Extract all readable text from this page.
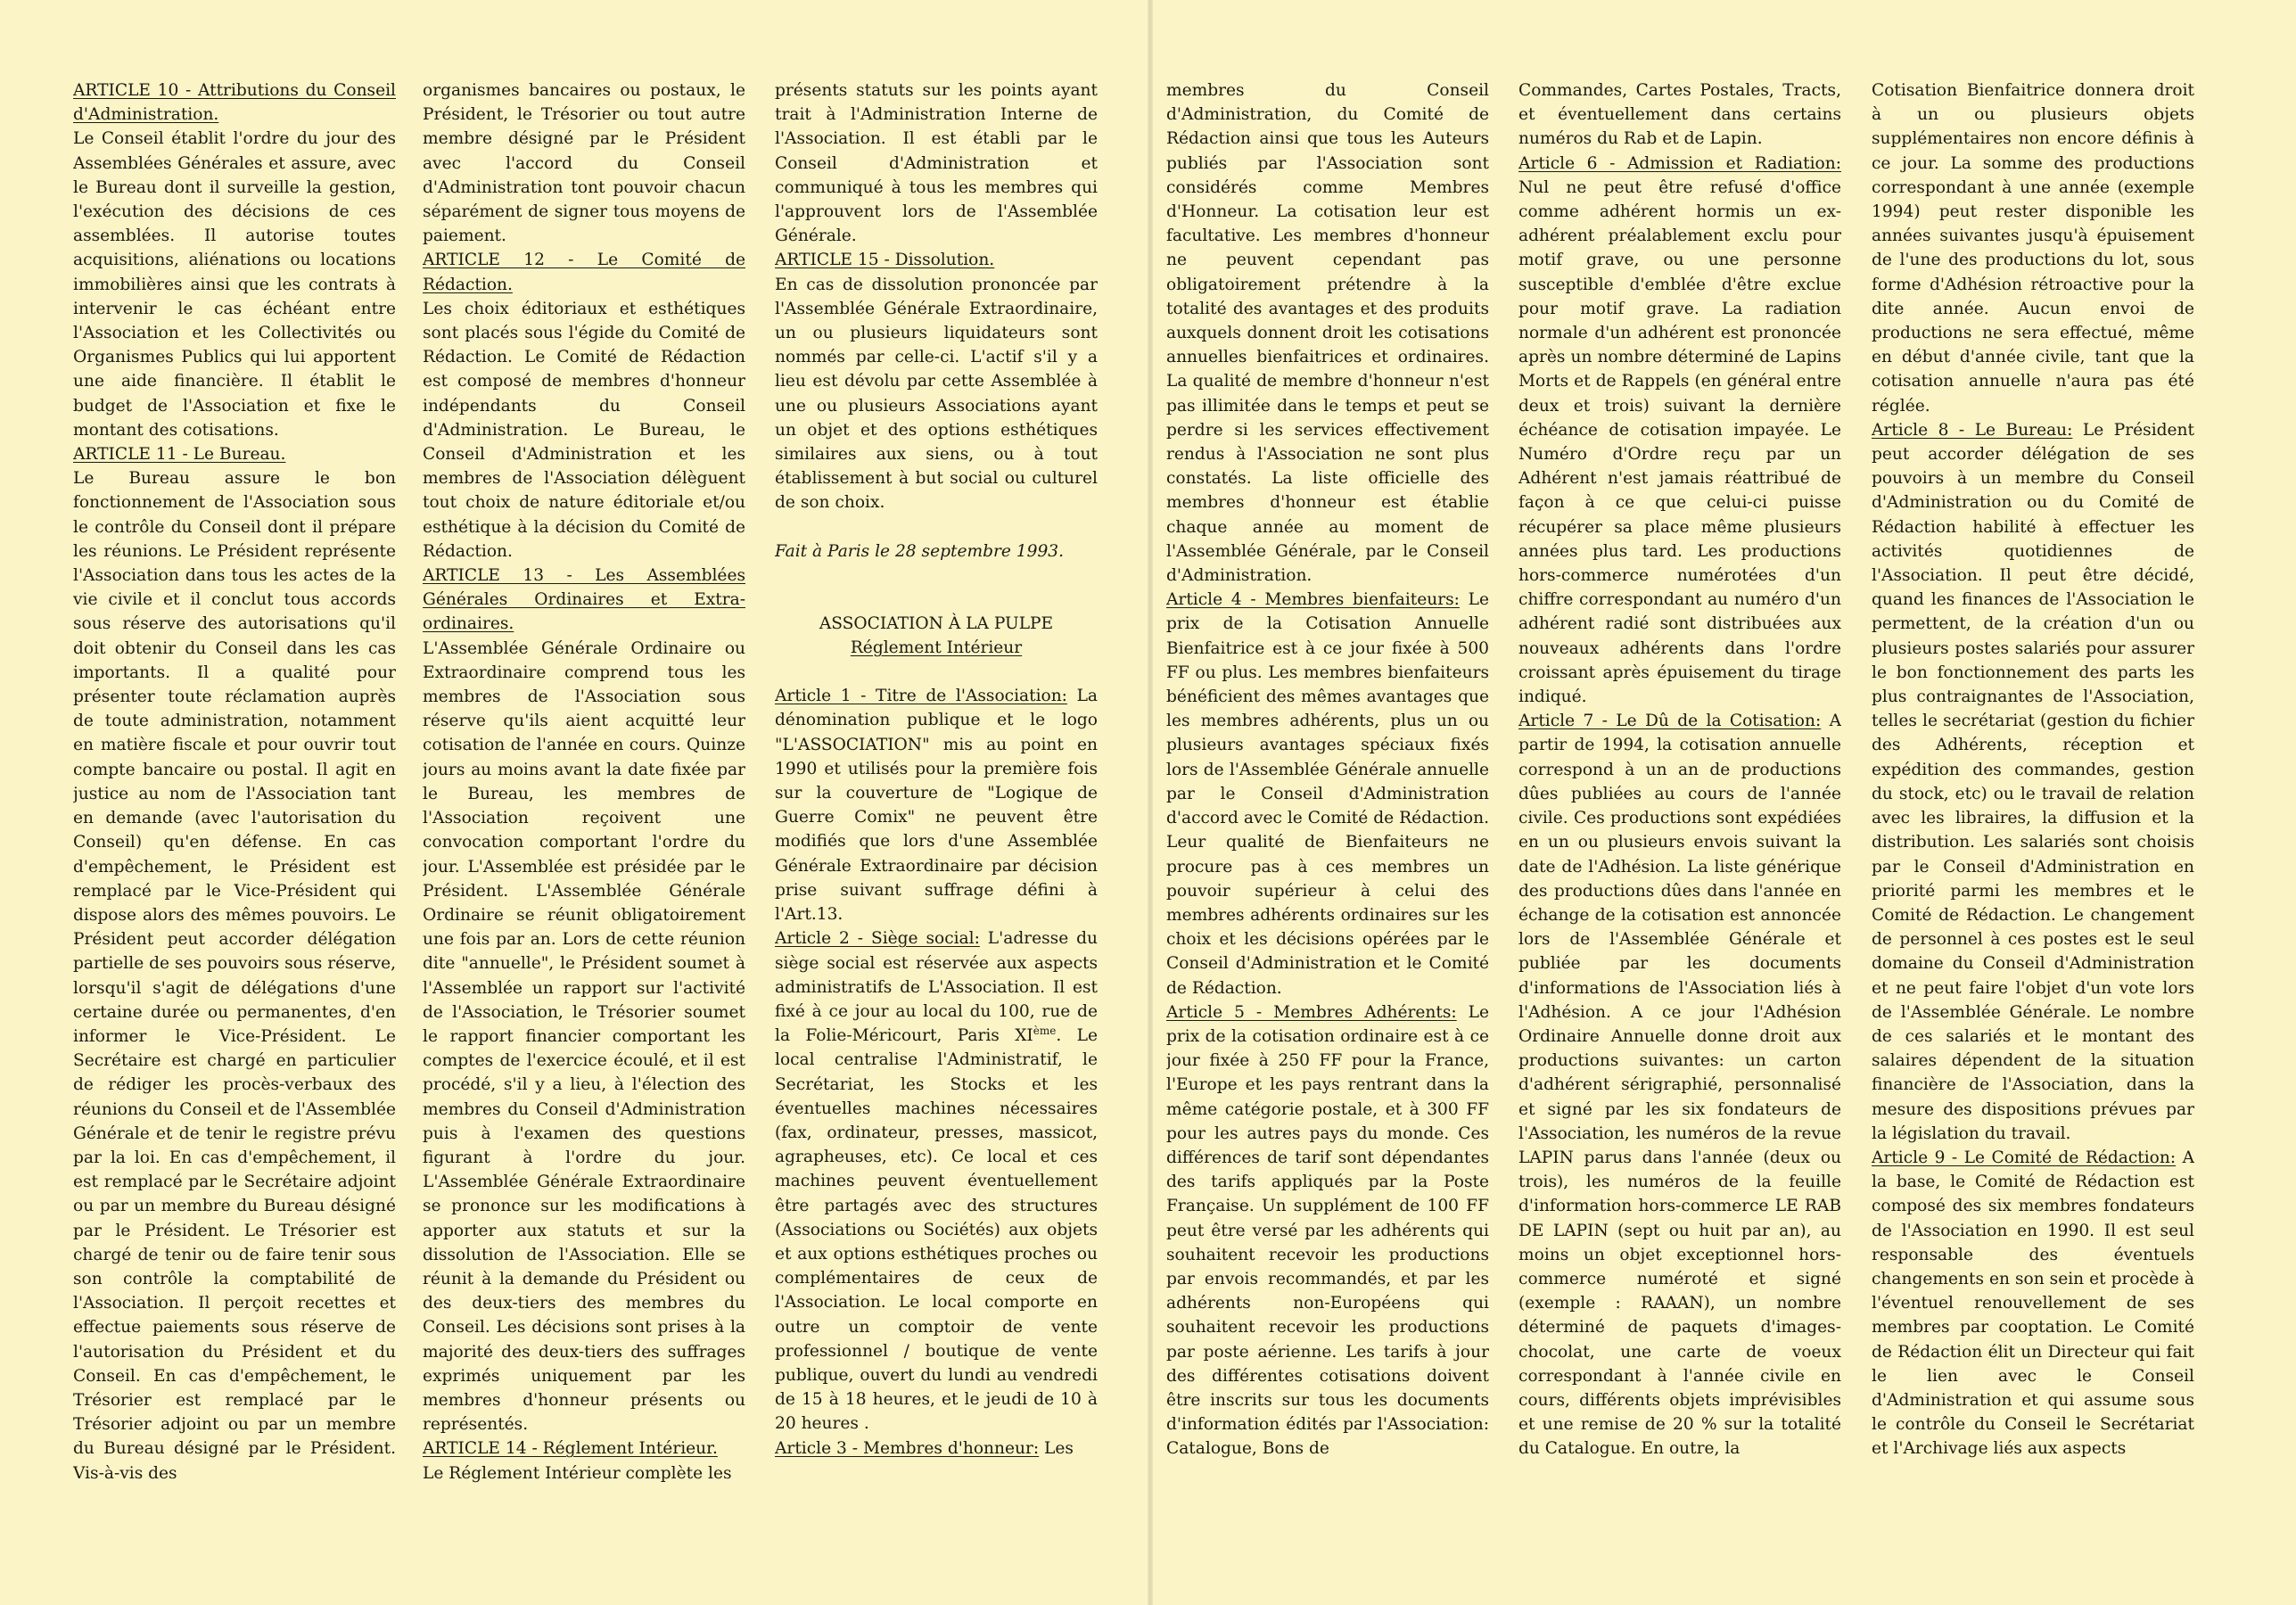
ARTICLE 10 - Attributions du Conseil d'Administration.

Le Conseil établit l'ordre du jour des Assemblées Générales et assure, avec le Bureau dont il surveille la gestion, l'exécution des décisions de ces assemblées. Il autorise toutes acquisitions, aliénations ou locations immobilières ainsi que les contrats à intervenir le cas échéant entre l'Association et les Collectivités ou Organismes Publics qui lui apportent une aide financière. Il établit le budget de l'Association et fixe le montant des cotisations.

ARTICLE 11 - Le Bureau.

Le Bureau assure le bon fonctionnement de l'Association sous le contrôle du Conseil dont il prépare les réunions. Le Président représente l'Association dans tous les actes de la vie civile et il conclut tous accords sous réserve des autorisations qu'il doit obtenir du Conseil dans les cas importants. Il a qualité pour présenter toute réclamation auprès de toute administration, notamment en matière fiscale et pour ouvrir tout compte bancaire ou postal. Il agit en justice au nom de l'Association tant en demande (avec l'autorisation du Conseil) qu'en défense. En cas d'empêchement, le Président est remplacé par le Vice-Président qui dispose alors des mêmes pouvoirs. Le Président peut accorder délégation partielle de ses pouvoirs sous réserve, lorsqu'il s'agit de délégations d'une certaine durée ou permanentes, d'en informer le Vice-Président. Le Secrétaire est chargé en particulier de rédiger les procès-verbaux des réunions du Conseil et de l'Assemblée Générale et de tenir le registre prévu par la loi. En cas d'empêchement, il est remplacé par le Secrétaire adjoint ou par un membre du Bureau désigné par le Président. Le Trésorier est chargé de tenir ou de faire tenir sous son contrôle la comptabilité de l'Association. Il perçoit recettes et effectue paiements sous réserve de l'autorisation du Président et du Conseil. En cas d'empêchement, le Trésorier est remplacé par le Trésorier adjoint ou par un membre du Bureau désigné par le Président. Vis-à-vis des

organismes bancaires ou postaux, le Président, le Trésorier ou tout autre membre désigné par le Président avec l'accord du Conseil d'Administration tont pouvoir chacun séparément de signer tous moyens de paiement.

ARTICLE 12 - Le Comité de Rédaction.

Les choix éditoriaux et esthétiques sont placés sous l'égide du Comité de Rédaction. Le Comité de Rédaction est composé de membres d'honneur indépendants du Conseil d'Administration. Le Bureau, le Conseil d'Administration et les membres de l'Association délèguent tout choix de nature éditoriale et/ou esthétique à la décision du Comité de Rédaction.

ARTICLE 13 - Les Assemblées Générales Ordinaires et Extra-ordinaires.

L'Assemblée Générale Ordinaire ou Extraordinaire comprend tous les membres de l'Association sous réserve qu'ils aient acquitté leur cotisation de l'année en cours. Quinze jours au moins avant la date fixée par le Bureau, les membres de l'Association reçoivent une convocation comportant l'ordre du jour. L'Assemblée est présidée par le Président. L'Assemblée Générale Ordinaire se réunit obligatoirement une fois par an. Lors de cette réunion dite "annuelle", le Président soumet à l'Assemblée un rapport sur l'activité de l'Association, le Trésorier soumet le rapport financier comportant les comptes de l'exercice écoulé, et il est procédé, s'il y a lieu, à l'élection des membres du Conseil d'Administration puis à l'examen des questions figurant à l'ordre du jour. L'Assemblée Générale Extraordinaire se prononce sur les modifications à apporter aux statuts et sur la dissolution de l'Association. Elle se réunit à la demande du Président ou des deux-tiers des membres du Conseil. Les décisions sont prises à la majorité des deux-tiers des suffrages exprimés uniquement par les membres d'honneur présents ou représentés.

ARTICLE 14 - Réglement Intérieur.

Le Réglement Intérieur complète les

présents statuts sur les points ayant trait à l'Administration Interne de l'Association. Il est établi par le Conseil d'Administration et communiqué à tous les membres qui l'approuvent lors de l'Assemblée Générale.

ARTICLE 15 - Dissolution.

En cas de dissolution prononcée par l'Assemblée Générale Extraordinaire, un ou plusieurs liquidateurs sont nommés par celle-ci. L'actif s'il y a lieu est dévolu par cette Assemblée à une ou plusieurs Associations ayant un objet et des options esthétiques similaires aux siens, ou à tout établissement à but social ou culturel de son choix.

Fait à Paris le 28 septembre 1993.

ASSOCIATION À LA PULPE

Réglement Intérieur

Article 1 - Titre de l'Association: La dénomination publique et le logo "L'ASSOCIATION" mis au point en 1990 et utilisés pour la première fois sur la couverture de "Logique de Guerre Comix" ne peuvent être modifiés que lors d'une Assemblée Générale Extraordinaire par décision prise suivant suffrage défini à l'Art.13.

Article 2 - Siège social: L'adresse du siège social est réservée aux aspects administratifs de L'Association. Il est fixé à ce jour au local du 100, rue de la Folie-Méricourt, Paris XIème. Le local centralise l'Administratif, le Secrétariat, les Stocks et les éventuelles machines nécessaires (fax, ordinateur, presses, massicot, agrapheuses, etc). Ce local et ces machines peuvent éventuellement être partagés avec des structures (Associations ou Sociétés) aux objets et aux options esthétiques proches ou complémentaires de ceux de l'Association. Le local comporte en outre un comptoir de vente professionnel / boutique de vente publique, ouvert du lundi au vendredi de 15 à 18 heures, et le jeudi de 10 à 20 heures .

Article 3 - Membres d'honneur: Les

membres du Conseil d'Administration, du Comité de Rédaction ainsi que tous les Auteurs publiés par l'Association sont considérés comme Membres d'Honneur. La cotisation leur est facultative. Les membres d'honneur ne peuvent cependant pas obligatoirement prétendre à la totalité des avantages et des produits auxquels donnent droit les cotisations annuelles bienfaitrices et ordinaires. La qualité de membre d'honneur n'est pas illimitée dans le temps et peut se perdre si les services effectivement rendus à l'Association ne sont plus constatés. La liste officielle des membres d'honneur est établie chaque année au moment de l'Assemblée Générale, par le Conseil d'Administration.

Article 4 - Membres bienfaiteurs: Le prix de la Cotisation Annuelle Bienfaitrice est à ce jour fixée à 500 FF ou plus. Les membres bienfaiteurs bénéficient des mêmes avantages que les membres adhérents, plus un ou plusieurs avantages spéciaux fixés lors de l'Assemblée Générale annuelle par le Conseil d'Administration d'accord avec le Comité de Rédaction. Leur qualité de Bienfaiteurs ne procure pas à ces membres un pouvoir supérieur à celui des membres adhérents ordinaires sur les choix et les décisions opérées par le Conseil d'Administration et le Comité de Rédaction.

Article 5 - Membres Adhérents: Le prix de la cotisation ordinaire est à ce jour fixée à 250 FF pour la France, l'Europe et les pays rentrant dans la même catégorie postale, et à 300 FF pour les autres pays du monde. Ces différences de tarif sont dépendantes des tarifs appliqués par la Poste Française. Un supplément de 100 FF peut être versé par les adhérents qui souhaitent recevoir les productions par envois recommandés, et par les adhérents non-Européens qui souhaitent recevoir les productions par poste aérienne. Les tarifs à jour des différentes cotisations doivent être inscrits sur tous les documents d'information édités par l'Association: Catalogue, Bons de

Commandes, Cartes Postales, Tracts, et éventuellement dans certains numéros du Rab et de Lapin.

Article 6 - Admission et Radiation: Nul ne peut être refusé d'office comme adhérent hormis un ex-adhérent préalablement exclu pour motif grave, ou une personne susceptible d'emblée d'être exclue pour motif grave. La radiation normale d'un adhérent est prononcée après un nombre déterminé de Lapins Morts et de Rappels (en général entre deux et trois) suivant la dernière échéance de cotisation impayée. Le Numéro d'Ordre reçu par un Adhérent n'est jamais réattribué de façon à ce que celui-ci puisse récupérer sa place même plusieurs années plus tard. Les productions hors-commerce numérotées d'un chiffre correspondant au numéro d'un adhérent radié sont distribuées aux nouveaux adhérents dans l'ordre croissant après épuisement du tirage indiqué.

Article 7 - Le Dû de la Cotisation: A partir de 1994, la cotisation annuelle correspond à un an de productions dûes publiées au cours de l'année civile. Ces productions sont expédiées en un ou plusieurs envois suivant la date de l'Adhésion. La liste générique des productions dûes dans l'année en échange de la cotisation est annoncée lors de l'Assemblée Générale et publiée par les documents d'informations de l'Association liés à l'Adhésion. A ce jour l'Adhésion Ordinaire Annuelle donne droit aux productions suivantes: un carton d'adhérent sérigraphié, personnalisé et signé par les six fondateurs de l'Association, les numéros de la revue LAPIN parus dans l'année (deux ou trois), les numéros de la feuille d'information hors-commerce LE RAB DE LAPIN (sept ou huit par an), au moins un objet exceptionnel hors-commerce numéroté et signé (exemple : RAAAN), un nombre déterminé de paquets d'images-chocolat, une carte de voeux correspondant à l'année civile en cours, différents objets imprévisibles et une remise de 20 % sur la totalité du Catalogue. En outre, la

Cotisation Bienfaitrice donnera droit à un ou plusieurs objets supplémentaires non encore définis à ce jour. La somme des productions correspondant à une année (exemple 1994) peut rester disponible les années suivantes jusqu'à épuisement de l'une des productions du lot, sous forme d'Adhésion rétroactive pour la dite année. Aucun envoi de productions ne sera effectué, même en début d'année civile, tant que la cotisation annuelle n'aura pas été réglée.

Article 8 - Le Bureau: Le Président peut accorder délégation de ses pouvoirs à un membre du Conseil d'Administration ou du Comité de Rédaction habilité à effectuer les activités quotidiennes de l'Association. Il peut être décidé, quand les finances de l'Association le permettent, de la création d'un ou plusieurs postes salariés pour assurer le bon fonctionnement des parts les plus contraignantes de l'Association, telles le secrétariat (gestion du fichier des Adhérents, réception et expédition des commandes, gestion du stock, etc) ou le travail de relation avec les libraires, la diffusion et la distribution. Les salariés sont choisis par le Conseil d'Administration en priorité parmi les membres et le Comité de Rédaction. Le changement de personnel à ces postes est le seul domaine du Conseil d'Administration et ne peut faire l'objet d'un vote lors de l'Assemblée Générale. Le nombre de ces salariés et le montant des salaires dépendent de la situation financière de l'Association, dans la mesure des dispositions prévues par la législation du travail.

Article 9 - Le Comité de Rédaction: A la base, le Comité de Rédaction est composé des six membres fondateurs de l'Association en 1990. Il est seul responsable des éventuels changements en son sein et procède à l'éventuel renouvellement de ses membres par cooptation. Le Comité de Rédaction élit un Directeur qui fait le lien avec le Conseil d'Administration et qui assume sous le contrôle du Conseil le Secrétariat et l'Archivage liés aux aspects
